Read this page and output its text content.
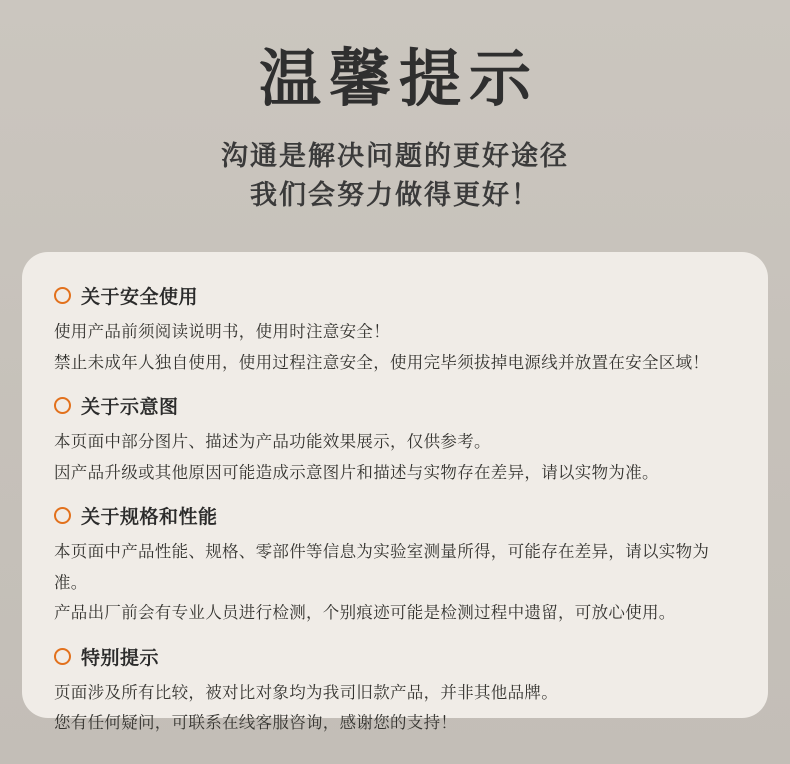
温馨提示
沟通是解决问题的更好途径
我们会努力做得更好！
关于安全使用
使用产品前须阅读说明书，使用时注意安全！
禁止未成年人独自使用，使用过程注意安全，使用完毕须拔掉电源线并放置在安全区域！
关于示意图
本页面中部分图片、描述为产品功能效果展示，仅供参考。
因产品升级或其他原因可能造成示意图片和描述与实物存在差异，请以实物为准。
关于规格和性能
本页面中产品性能、规格、零部件等信息为实验室测量所得，可能存在差异，请以实物为准。
产品出厂前会有专业人员进行检测，个别痕迹可能是检测过程中遗留，可放心使用。
特别提示
页面涉及所有比较，被对比对象均为我司旧款产品，并非其他品牌。
您有任何疑问，可联系在线客服咨询，感谢您的支持！
